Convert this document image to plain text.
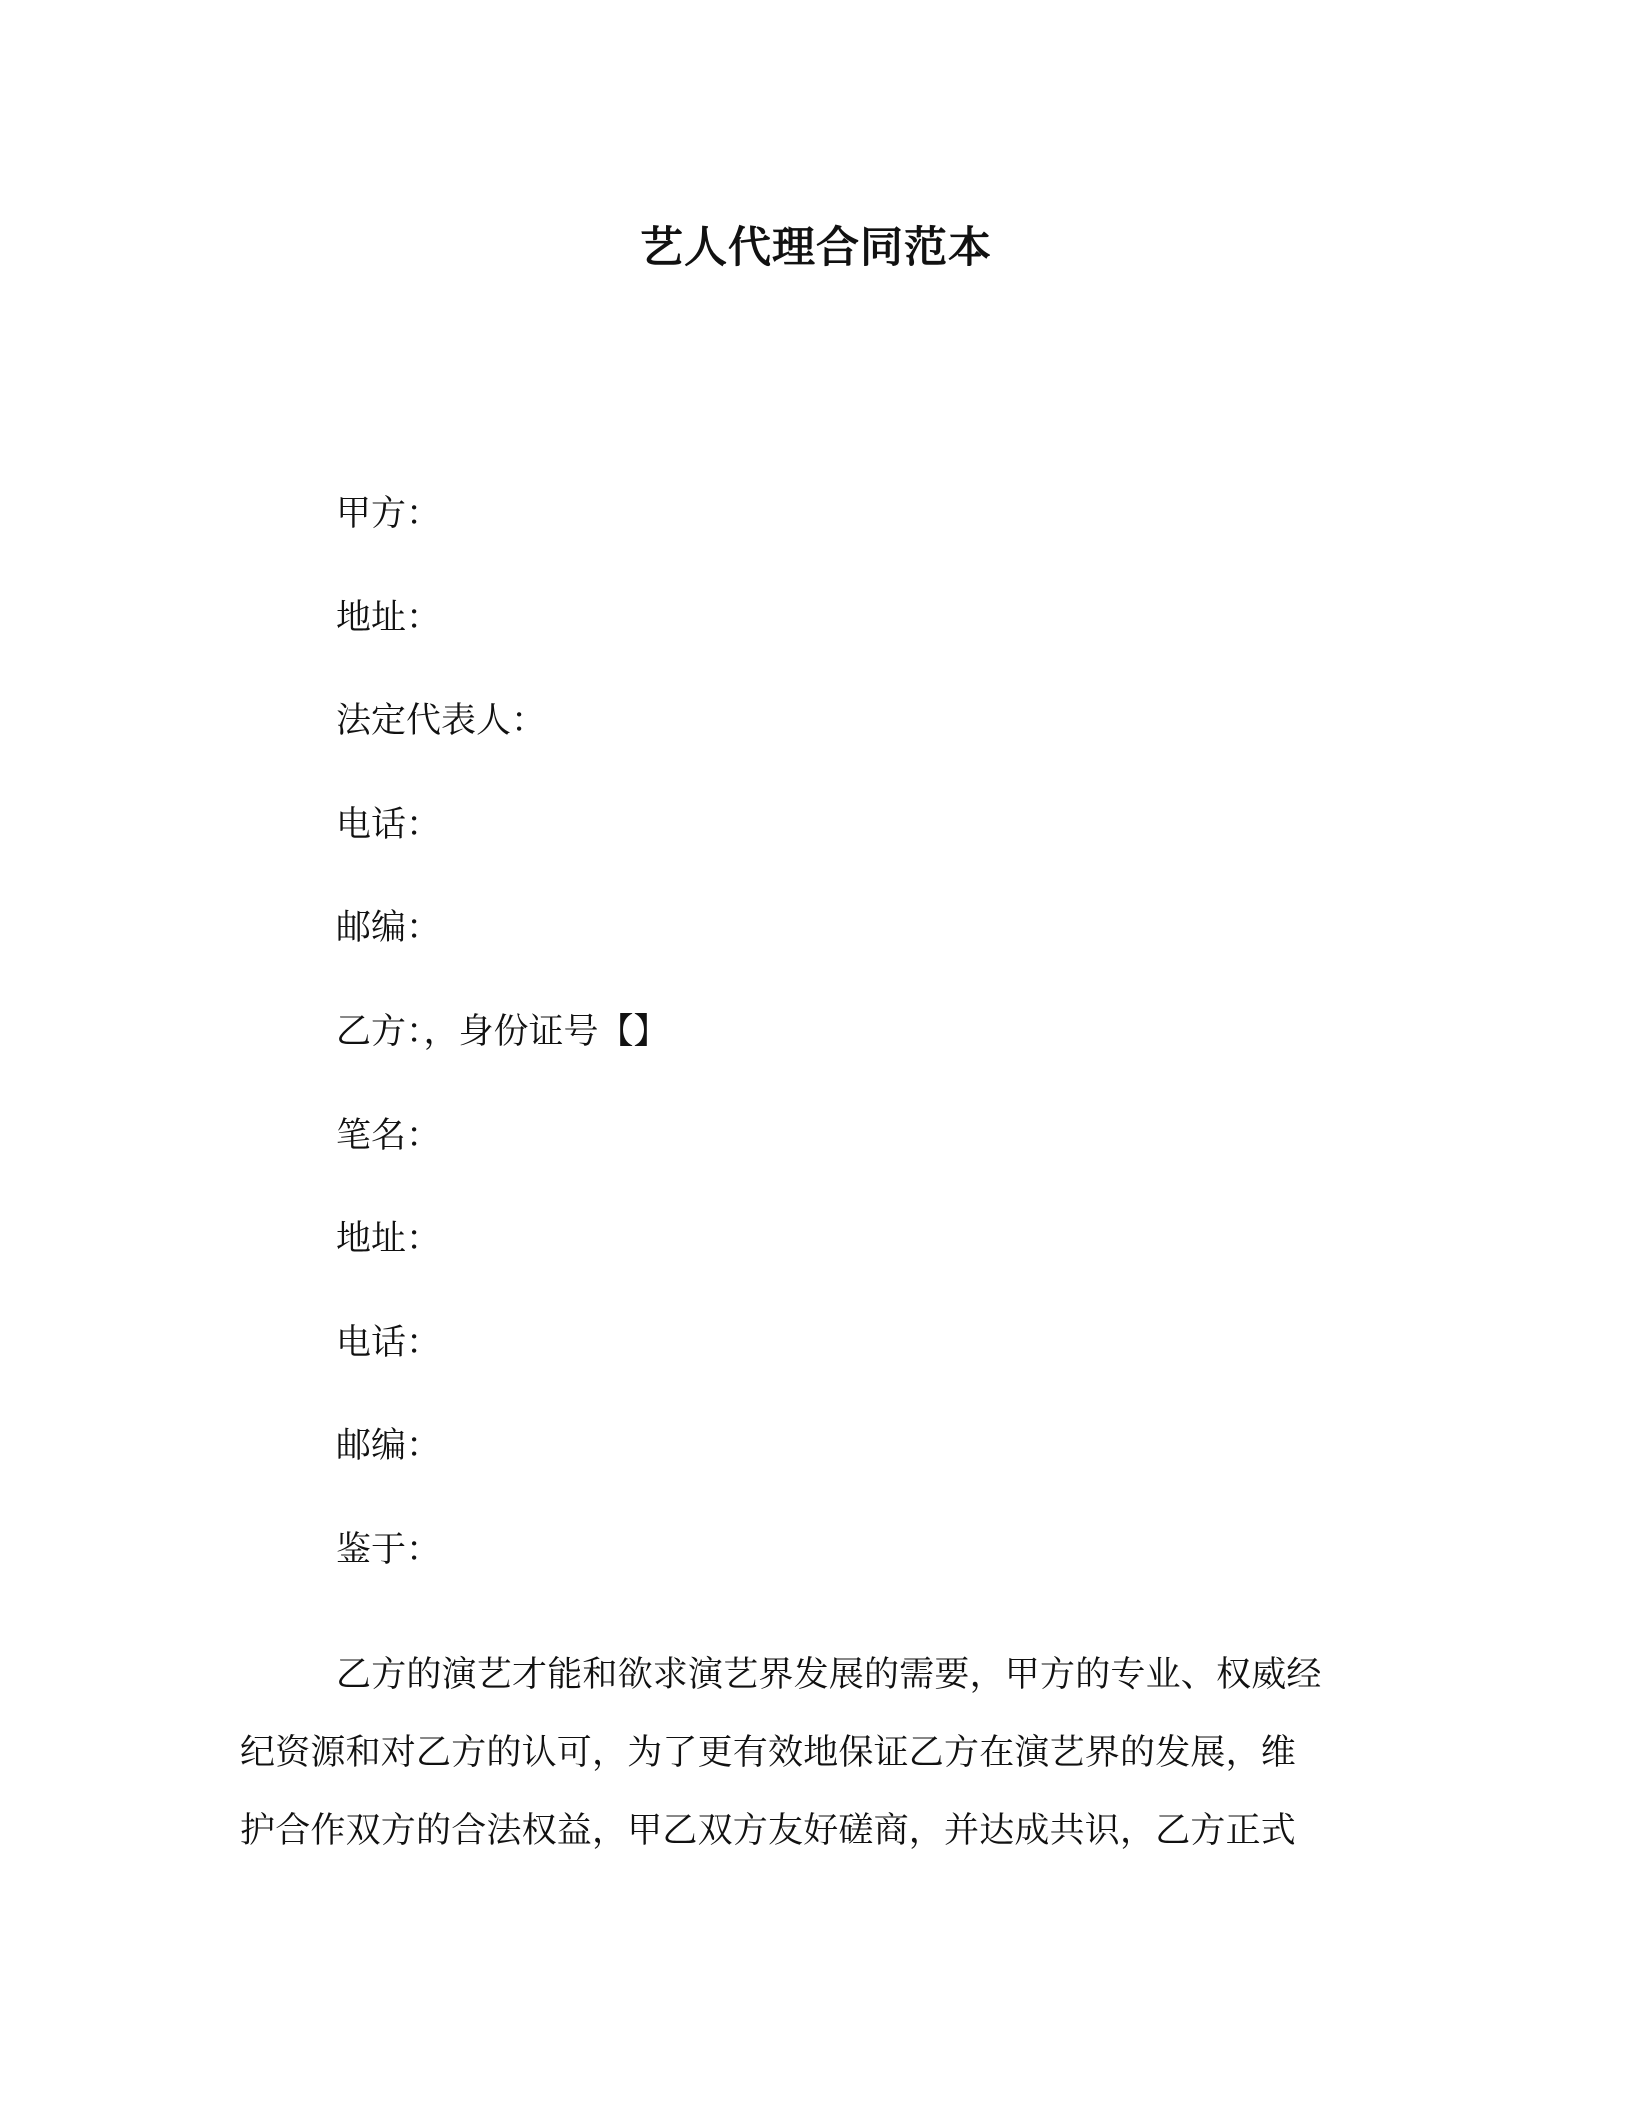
艺人代理合同范本
甲方：
地址：
法定代表人：
电话：
邮编：
乙方：，身份证号【】
笔名：
地址：
电话：
邮编：
鉴于：
乙方的演艺才能和欲求演艺界发展的需要，甲方的专业、权威经
纪资源和对乙方的认可，为了更有效地保证乙方在演艺界的发展，维
护合作双方的合法权益，甲乙双方友好磋商，并达成共识，乙方正式
